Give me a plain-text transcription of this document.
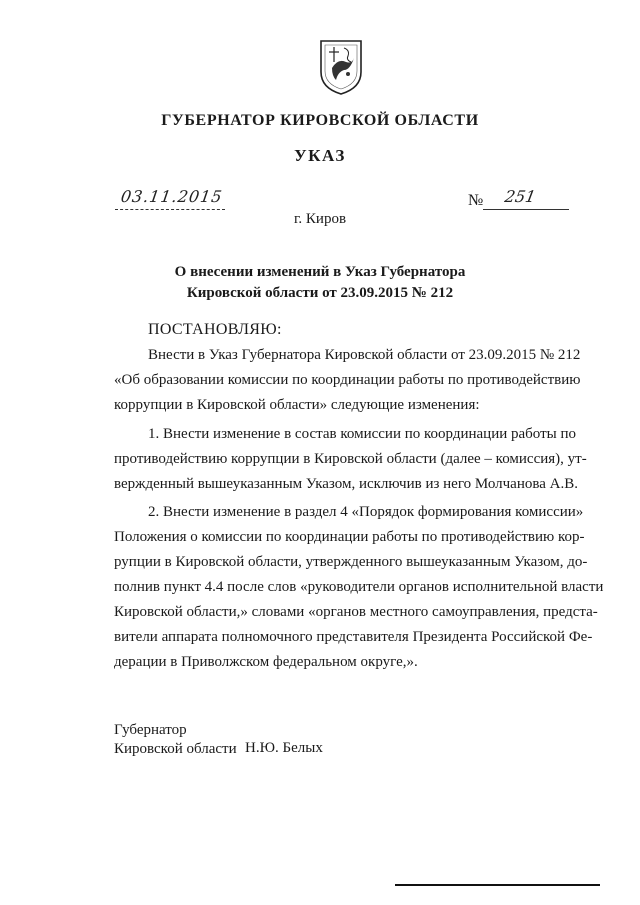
ГУБЕРНАТОР КИРОВСКОЙ ОБЛАСТИ
УКАЗ
03.11.2015	№ 251
г. Киров
О внесении изменений в Указ Губернатора
Кировской области от 23.09.2015 № 212
ПОСТАНОВЛЯЮ:
Внести в Указ Губернатора Кировской области от 23.09.2015 № 212
«Об образовании комиссии по координации работы по противодействию
коррупции в Кировской области» следующие изменения:
1. Внести изменение в состав комиссии по координации работы по
противодействию коррупции в Кировской области (далее – комиссия), ут-
вержденный вышеуказанным Указом, исключив из него Молчанова А.В.
2. Внести изменение в раздел 4 «Порядок формирования комиссии»
Положения о комиссии по координации работы по противодействию кор-
рупции в Кировской области, утвержденного вышеуказанным Указом, до-
полнив пункт 4.4 после слов «руководители органов исполнительной власти
Кировской области,» словами «органов местного самоуправления, предста-
вители аппарата полномочного представителя Президента Российской Фе-
дерации в Приволжском федеральном округе,».
Губернатор
Кировской области Н.Ю. Белых
